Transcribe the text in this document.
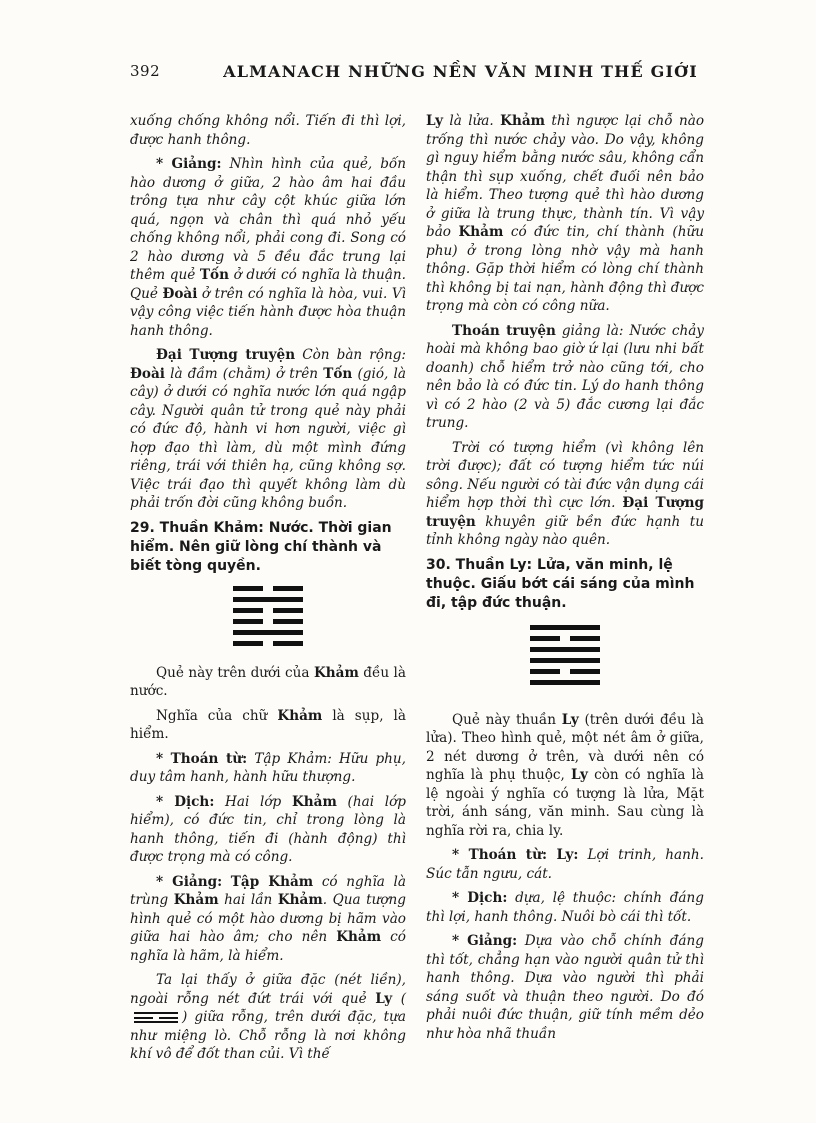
392	ALMANACH NHỮNG NỀN VĂN MINH THẾ GIỚI

xuống chống không nổi. Tiến đi thì lợi, được hanh thông.

* Giảng: Nhìn hình của quẻ, bốn hào dương ở giữa, 2 hào âm hai đầu trông tựa như cây cột khúc giữa lớn quá, ngọn và chân thì quá nhỏ yếu chống không nổi, phải cong đi. Song có 2 hào dương và 5 đều đắc trung lại thêm quẻ Tốn ở dưới có nghĩa là thuận. Quẻ Đoài ở trên có nghĩa là hòa, vui. Vì vậy công việc tiến hành được hòa thuận hanh thông.

Đại Tượng truyện Còn bàn rộng: Đoài là đầm (chằm) ở trên Tốn (gió, là cây) ở dưới có nghĩa nước lớn quá ngập cây. Người quân tử trong quẻ này phải có đức độ, hành vi hơn người, việc gì hợp đạo thì làm, dù một mình đứng riêng, trái với thiên hạ, cũng không sợ. Việc trái đạo thì quyết không làm dù phải trốn đời cũng không buồn.

29. Thuần Khảm: Nước. Thời gian hiểm. Nên giữ lòng chí thành và biết tòng quyền.

Quẻ này trên dưới của Khảm đều là nước.

Nghĩa của chữ Khảm là sụp, là hiểm.

* Thoán từ: Tập Khảm: Hữu phụ, duy tâm hanh, hành hữu thượng.

* Dịch: Hai lớp Khảm (hai lớp hiểm), có đức tin, chỉ trong lòng là hanh thông, tiến đi (hành động) thì được trọng mà có công.

* Giảng: Tập Khảm có nghĩa là trùng Khảm hai lần Khảm. Qua tượng hình quẻ có một hào dương bị hãm vào giữa hai hào âm; cho nên Khảm có nghĩa là hãm, là hiểm.

Ta lại thấy ở giữa đặc (nét liền), ngoài rỗng nét đứt trái với quẻ Ly (
) giữa rỗng, trên dưới đặc, tựa như miệng lò. Chỗ rỗng là nơi không khí vô để đốt than củi. Vì thế

Ly là lửa. Khảm thì ngược lại chỗ nào trống thì nước chảy vào. Do vậy, không gì nguy hiểm bằng nước sâu, không cẩn thận thì sụp xuống, chết đuối nên bảo là hiểm. Theo tượng quẻ thì hào dương ở giữa là trung thực, thành tín. Vì vậy bảo Khảm có đức tin, chí thành (hữu phu) ở trong lòng nhờ vậy mà hanh thông. Gặp thời hiểm có lòng chí thành thì không bị tai nạn, hành động thì được trọng mà còn có công nữa.

Thoán truyện giảng là: Nước chảy hoài mà không bao giờ ứ lại (lưu nhi bất doanh) chỗ hiểm trở nào cũng tới, cho nên bảo là có đức tin. Lý do hanh thông vì có 2 hào (2 và 5) đắc cương lại đắc trung.

Trời có tượng hiểm (vì không lên trời được); đất có tượng hiểm tức núi sông. Nếu người có tài đức vận dụng cái hiểm hợp thời thì cực lớn. Đại Tượng truyện khuyên giữ bền đức hạnh tu tỉnh không ngày nào quên.

30. Thuần Ly: Lửa, văn minh, lệ thuộc. Giấu bớt cái sáng của mình đi, tập đức thuận.

Quẻ này thuần Ly (trên dưới đều là lửa). Theo hình quẻ, một nét âm ở giữa, 2 nét dương ở trên, và dưới nên có nghĩa là phụ thuộc, Ly còn có nghĩa là lệ ngoài ý nghĩa có tượng là lửa, Mặt trời, ánh sáng, văn minh. Sau cùng là nghĩa rời ra, chia ly.

* Thoán từ: Ly: Lợi trinh, hanh. Súc tẫn ngưu, cát.

* Dịch: dựa, lệ thuộc: chính đáng thì lợi, hanh thông. Nuôi bò cái thì tốt.

* Giảng: Dựa vào chỗ chính đáng thì tốt, chẳng hạn vào người quân tử thì hanh thông. Dựa vào người thì phải sáng suốt và thuận theo người. Do đó phải nuôi đức thuận, giữ tính mềm dẻo như hòa nhã thuần
